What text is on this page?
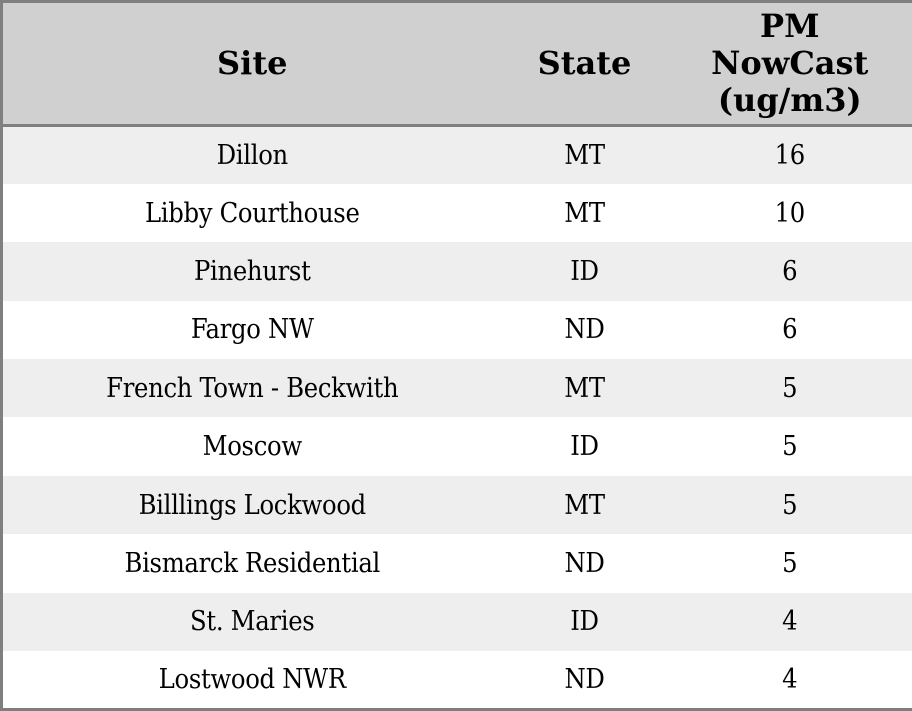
Site	State	PM NowCast (ug/m3)
Dillon	MT	16
Libby Courthouse	MT	10
Pinehurst	ID	6
Fargo NW	ND	6
French Town - Beckwith	MT	5
Moscow	ID	5
Billlings Lockwood	MT	5
Bismarck Residential	ND	5
St. Maries	ID	4
Lostwood NWR	ND	4
